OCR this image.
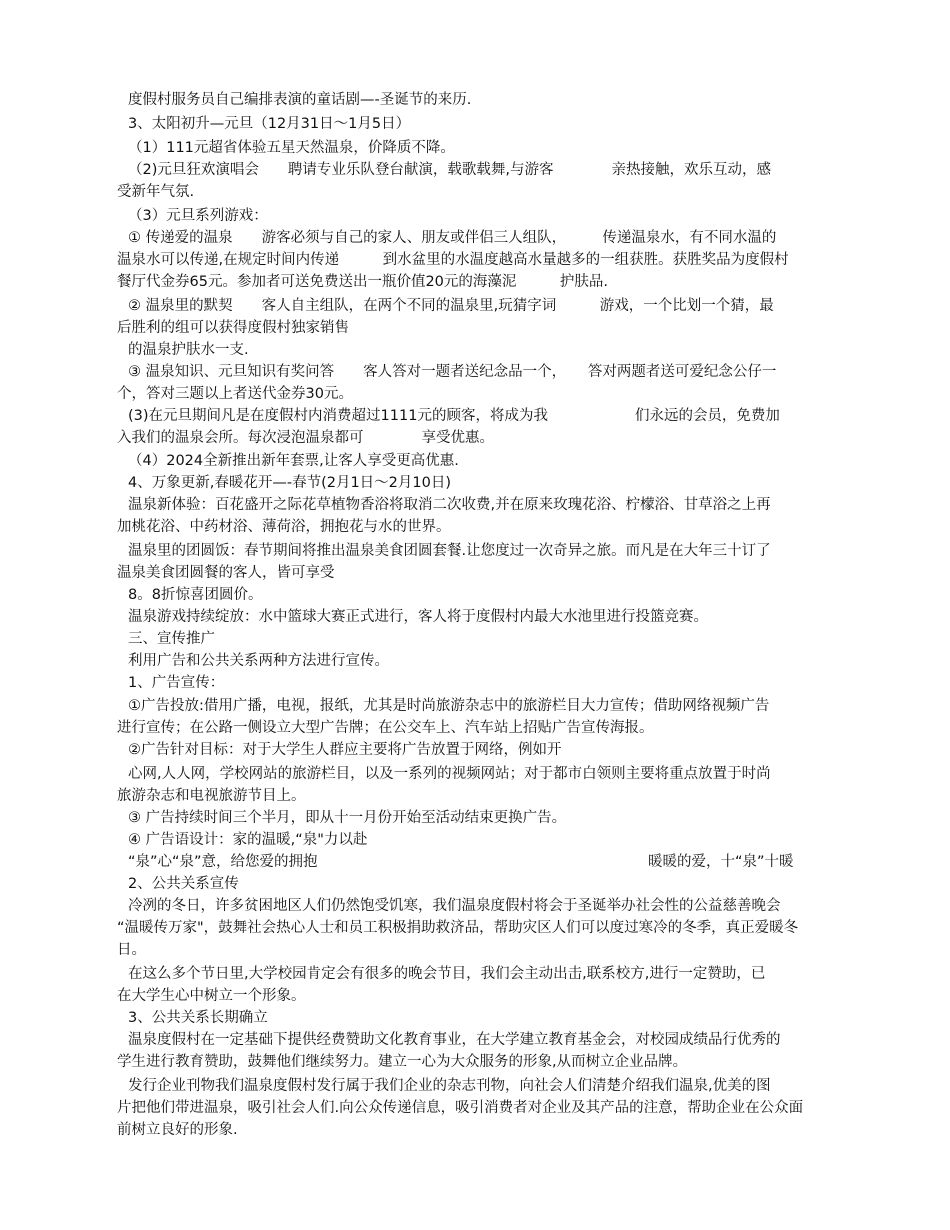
度假村服务员自己编排表演的童话剧—-圣诞节的来历.
3、太阳初升—元旦（12月31日～1月5日）
（1）111元超省体验五星天然温泉，价降质不降。
（2)元旦狂欢演唱会　　聘请专业乐队登台献演，载歌载舞,与游客　　　　亲热接触，欢乐互动，感
受新年气氛.
（3）元旦系列游戏：
① 传递爱的温泉　　游客必须与自己的家人、朋友或伴侣三人组队，　　　传递温泉水，有不同水温的
温泉水可以传递,在规定时间内传递　　　到水盆里的水温度越高水量越多的一组获胜。获胜奖品为度假村
餐厅代金券65元。参加者可送免费送出一瓶价值20元的海藻泥　　　护肤品.
② 温泉里的默契　　客人自主组队，在两个不同的温泉里,玩猜字词　　　游戏，一个比划一个猜，最
后胜利的组可以获得度假村独家销售
的温泉护肤水一支.
③ 温泉知识、元旦知识有奖问答　　客人答对一题者送纪念品一个，　　答对两题者送可爱纪念公仔一
个，答对三题以上者送代金券30元。
(3)在元旦期间凡是在度假村内消费超过1111元的顾客，将成为我　　　　　　们永远的会员，免费加
入我们的温泉会所。每次浸泡温泉都可　　　　享受优惠。
（4）2024全新推出新年套票,让客人享受更高优惠.
4、万象更新,春暖花开—-春节(2月1日～2月10日)
温泉新体验：百花盛开之际花草植物香浴将取消二次收费,并在原来玫瑰花浴、柠檬浴、甘草浴之上再
加桃花浴、中药材浴、薄荷浴，拥抱花与水的世界。
温泉里的团圆饭：春节期间将推出温泉美食团圆套餐.让您度过一次奇异之旅。而凡是在大年三十订了
温泉美食团圆餐的客人，皆可享受
8。8折惊喜团圆价。
温泉游戏持续绽放：水中篮球大赛正式进行，客人将于度假村内最大水池里进行投篮竞赛。
三、宣传推广
利用广告和公共关系两种方法进行宣传。
1、广告宣传：
①广告投放:借用广播，电视，报纸，尤其是时尚旅游杂志中的旅游栏目大力宣传；借助网络视频广告
进行宣传；在公路一侧设立大型广告牌；在公交车上、汽车站上招贴广告宣传海报。
②广告针对目标：对于大学生人群应主要将广告放置于网络，例如开
心网,人人网，学校网站的旅游栏目，以及一系列的视频网站；对于都市白领则主要将重点放置于时尚
旅游杂志和电视旅游节目上。
③ 广告持续时间三个半月，即从十一月份开始至活动结束更换广告。
④ 广告语设计：家的温暖,“泉"力以赴
“泉”心“泉”意，给您爱的拥抱	暖暖的爱，十“泉”十暖
2、公共关系宣传
冷冽的冬日，许多贫困地区人们仍然饱受饥寒，我们温泉度假村将会于圣诞举办社会性的公益慈善晚会
“温暖传万家"，鼓舞社会热心人士和员工积极捐助救济品，帮助灾区人们可以度过寒冷的冬季，真正爱暖冬
日。
在这么多个节日里,大学校园肯定会有很多的晚会节目，我们会主动出击,联系校方,进行一定赞助，已
在大学生心中树立一个形象。
3、公共关系长期确立
温泉度假村在一定基础下提供经费赞助文化教育事业，在大学建立教育基金会，对校园成绩品行优秀的
学生进行教育赞助，鼓舞他们继续努力。建立一心为大众服务的形象,从而树立企业品牌。
发行企业刊物我们温泉度假村发行属于我们企业的杂志刊物，向社会人们清楚介绍我们温泉,优美的图
片把他们带进温泉，吸引社会人们.向公众传递信息，吸引消费者对企业及其产品的注意，帮助企业在公众面
前树立良好的形象.
